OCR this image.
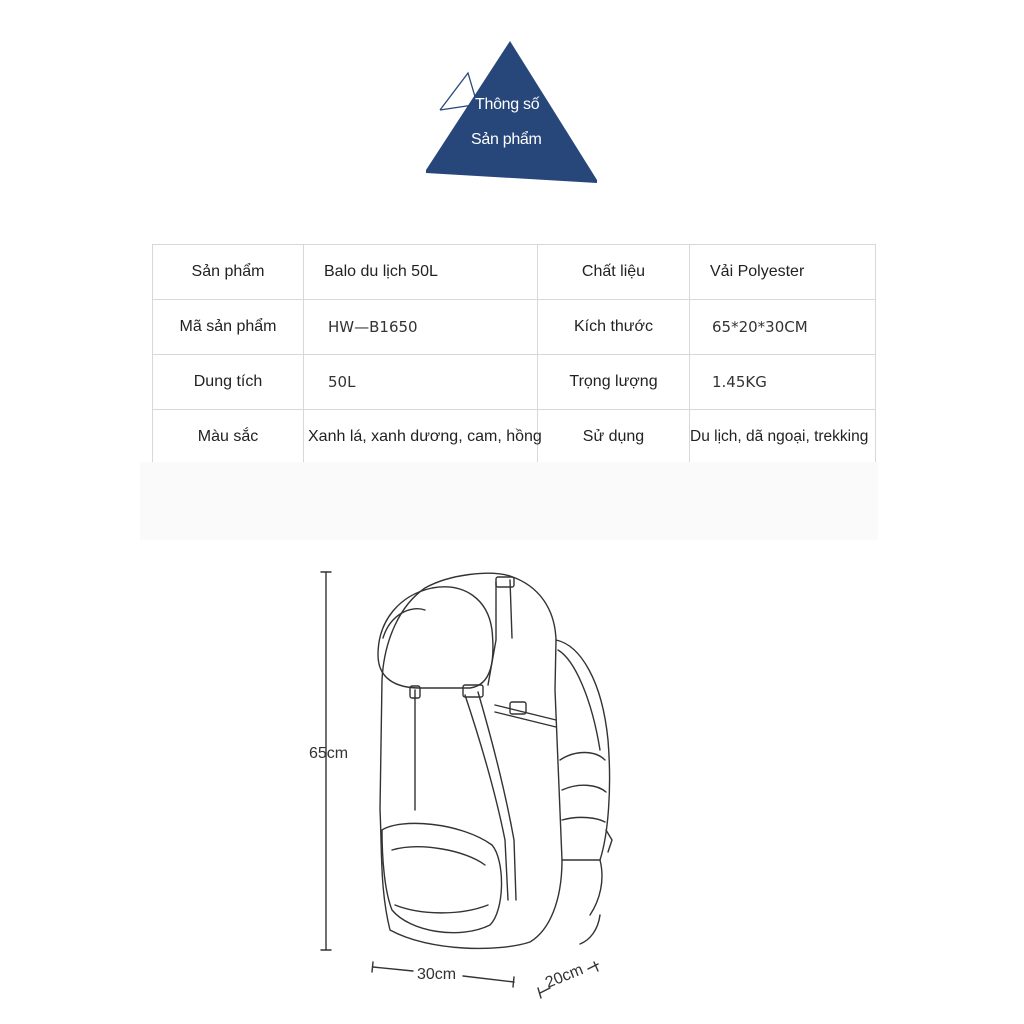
Thông số
Sản phẩm
Sản phẩm	Balo du lịch 50L	Chất liệu	Vải Polyester
Mã sản phẩm	HW—B1650	Kích thước	65*20*30CM
Dung tích	50L	Trọng lượng	1.45KG
Màu sắc	Xanh lá, xanh dương, cam, hồng	Sử dụng	Du lịch, dã ngoại, trekking
65cm
30cm	20cm
